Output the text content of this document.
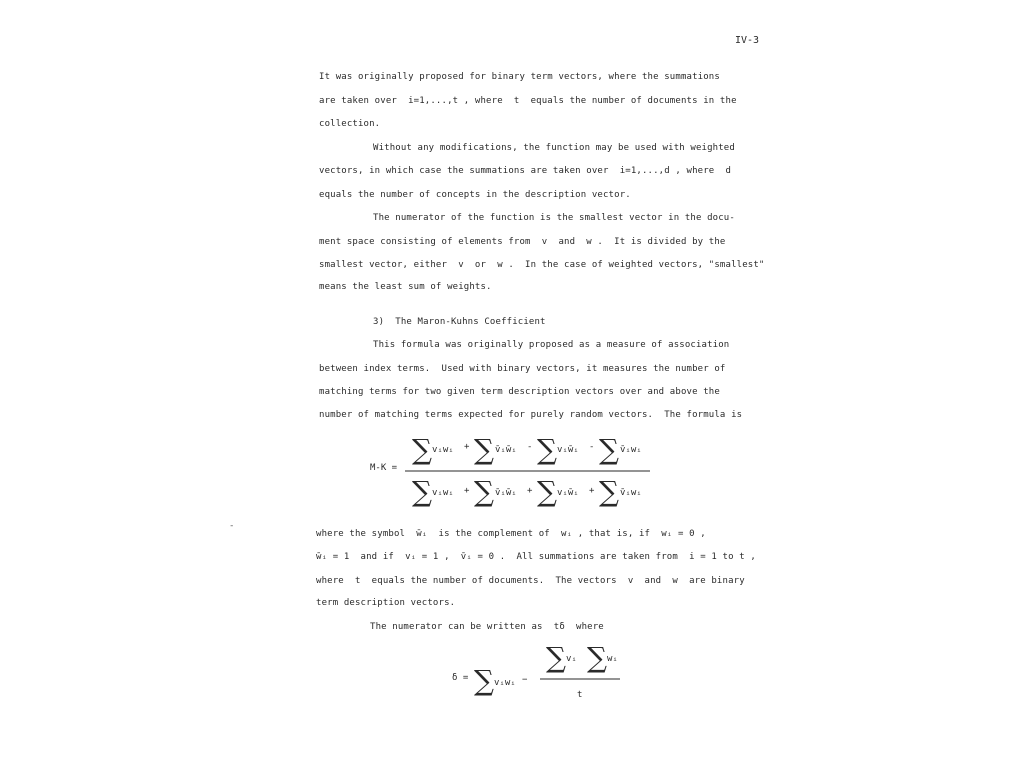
IV-3
It was originally proposed for binary term vectors, where the summations
are taken over  i=1,...,t , where  t  equals the number of documents in the
collection.
Without any modifications, the function may be used with weighted
vectors, in which case the summations are taken over  i=1,...,d , where  d
equals the number of concepts in the description vector.
The numerator of the function is the smallest vector in the docu-
ment space consisting of elements from  v  and  w .  It is divided by the
smallest vector, either  v  or  w .  In the case of weighted vectors, "smallest"
means the least sum of weights.
3)  The Maron-Kuhns Coefficient
This formula was originally proposed as a measure of association
between index terms.  Used with binary vectors, it measures the number of
matching terms for two given term description vectors over and above the
number of matching terms expected for purely random vectors.  The formula is
M-K =
∑ vᵢwᵢ + ∑ v̄ᵢw̄ᵢ - ∑ vᵢw̄ᵢ - ∑ v̄ᵢwᵢ
∑ vᵢwᵢ + ∑ v̄ᵢw̄ᵢ + ∑ vᵢw̄ᵢ + ∑ v̄ᵢwᵢ
δ = ∑ vᵢwᵢ −
∑ vᵢ ∑ wᵢ
t
-
where the symbol  w̄ᵢ  is the complement of  wᵢ , that is, if  wᵢ = 0 ,
w̄ᵢ = 1  and if  vᵢ = 1 ,  v̄ᵢ = 0 .  All summations are taken from  i = 1 to t ,
where  t  equals the number of documents.  The vectors  v  and  w  are binary
term description vectors.
The numerator can be written as  tδ  where
